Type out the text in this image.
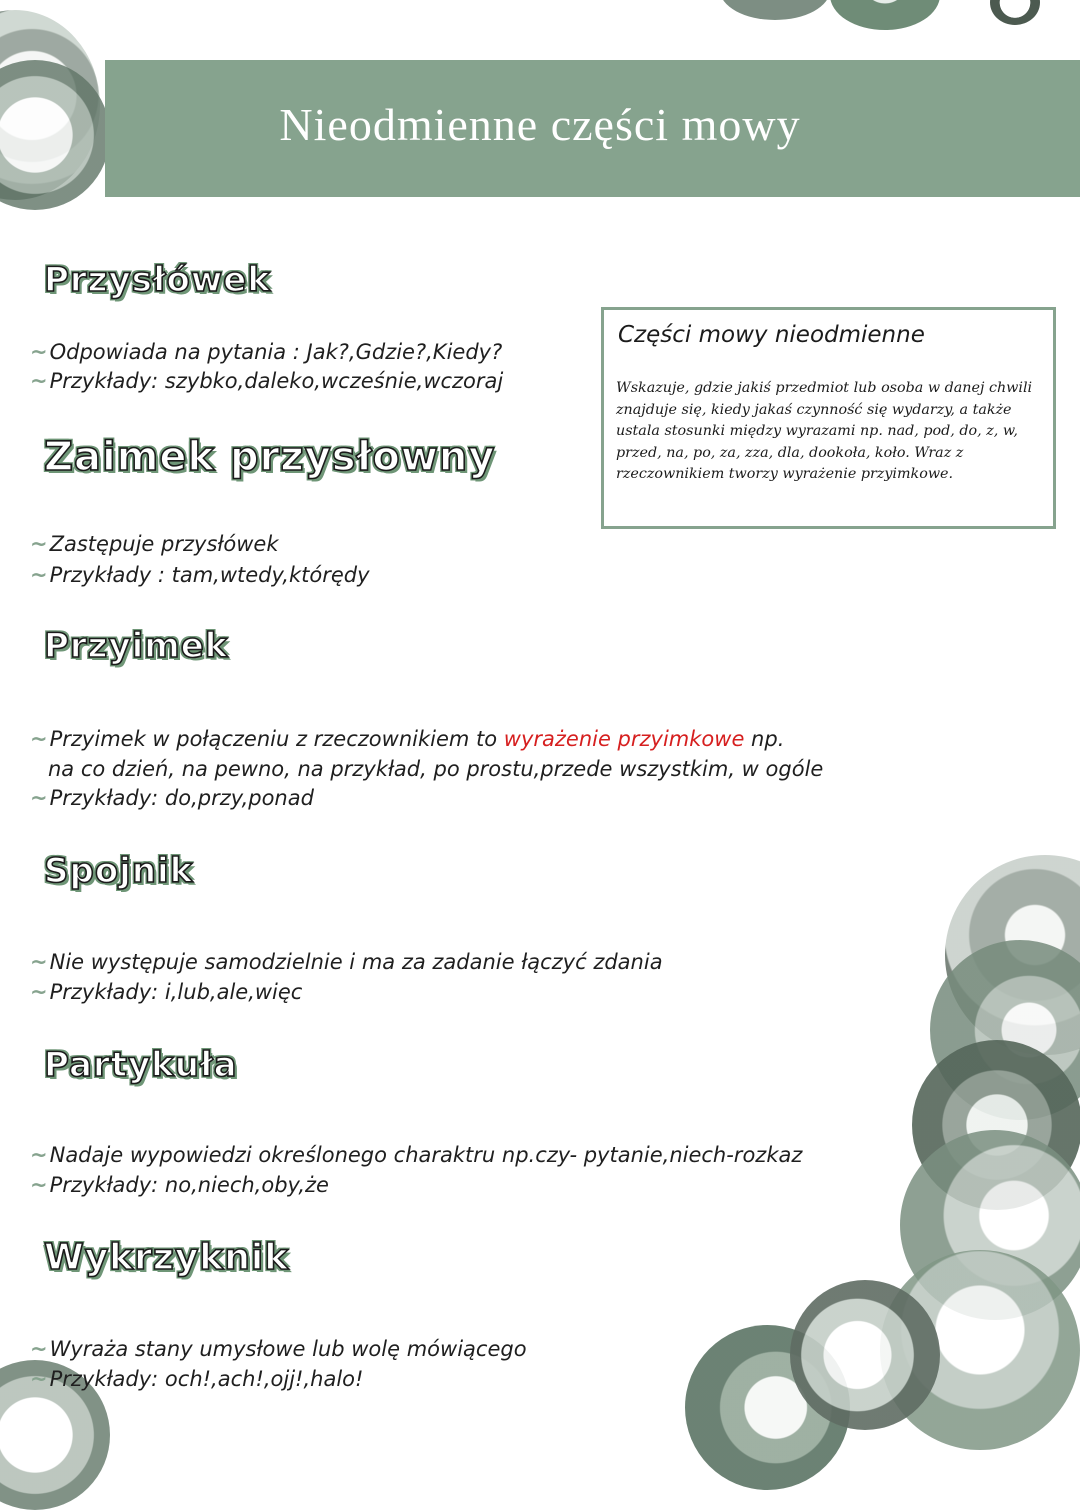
Nieodmienne części mowy
Przysłówek
~Odpowiada na pytania : Jak?,Gdzie?,Kiedy?
~Przykłady: szybko,daleko,wcześnie,wczoraj
Zaimek przysłowny
~Zastępuje przysłówek
~Przykłady : tam,wtedy,którędy
Przyimek
~Przyimek w połączeniu z rzeczownikiem to wyrażenie przyimkowe np.
na co dzień, na pewno, na przykład, po prostu,przede wszystkim, w ogóle
~Przykłady: do,przy,ponad
Spojnik
~Nie występuje samodzielnie i ma za zadanie łączyć zdania
~Przykłady: i,lub,ale,więc
Partykuła
~Nadaje wypowiedzi określonego charaktru np.czy- pytanie,niech-rozkaz
~Przykłady: no,niech,oby,że
Wykrzyknik
~Wyraża stany umysłowe lub wolę mówiącego
~Przykłady: och!,ach!,ojj!,halo!
Części mowy nieodmienne
Wskazuje, gdzie jakiś przedmiot lub osoba w danej chwili znajduje się, kiedy jakaś czynność się wydarzy, a także ustala stosunki między wyrazami np. nad, pod, do, z, w, przed, na, po, za, zza, dla, dookoła, koło. Wraz z rzeczownikiem tworzy wyrażenie przyimkowe.
